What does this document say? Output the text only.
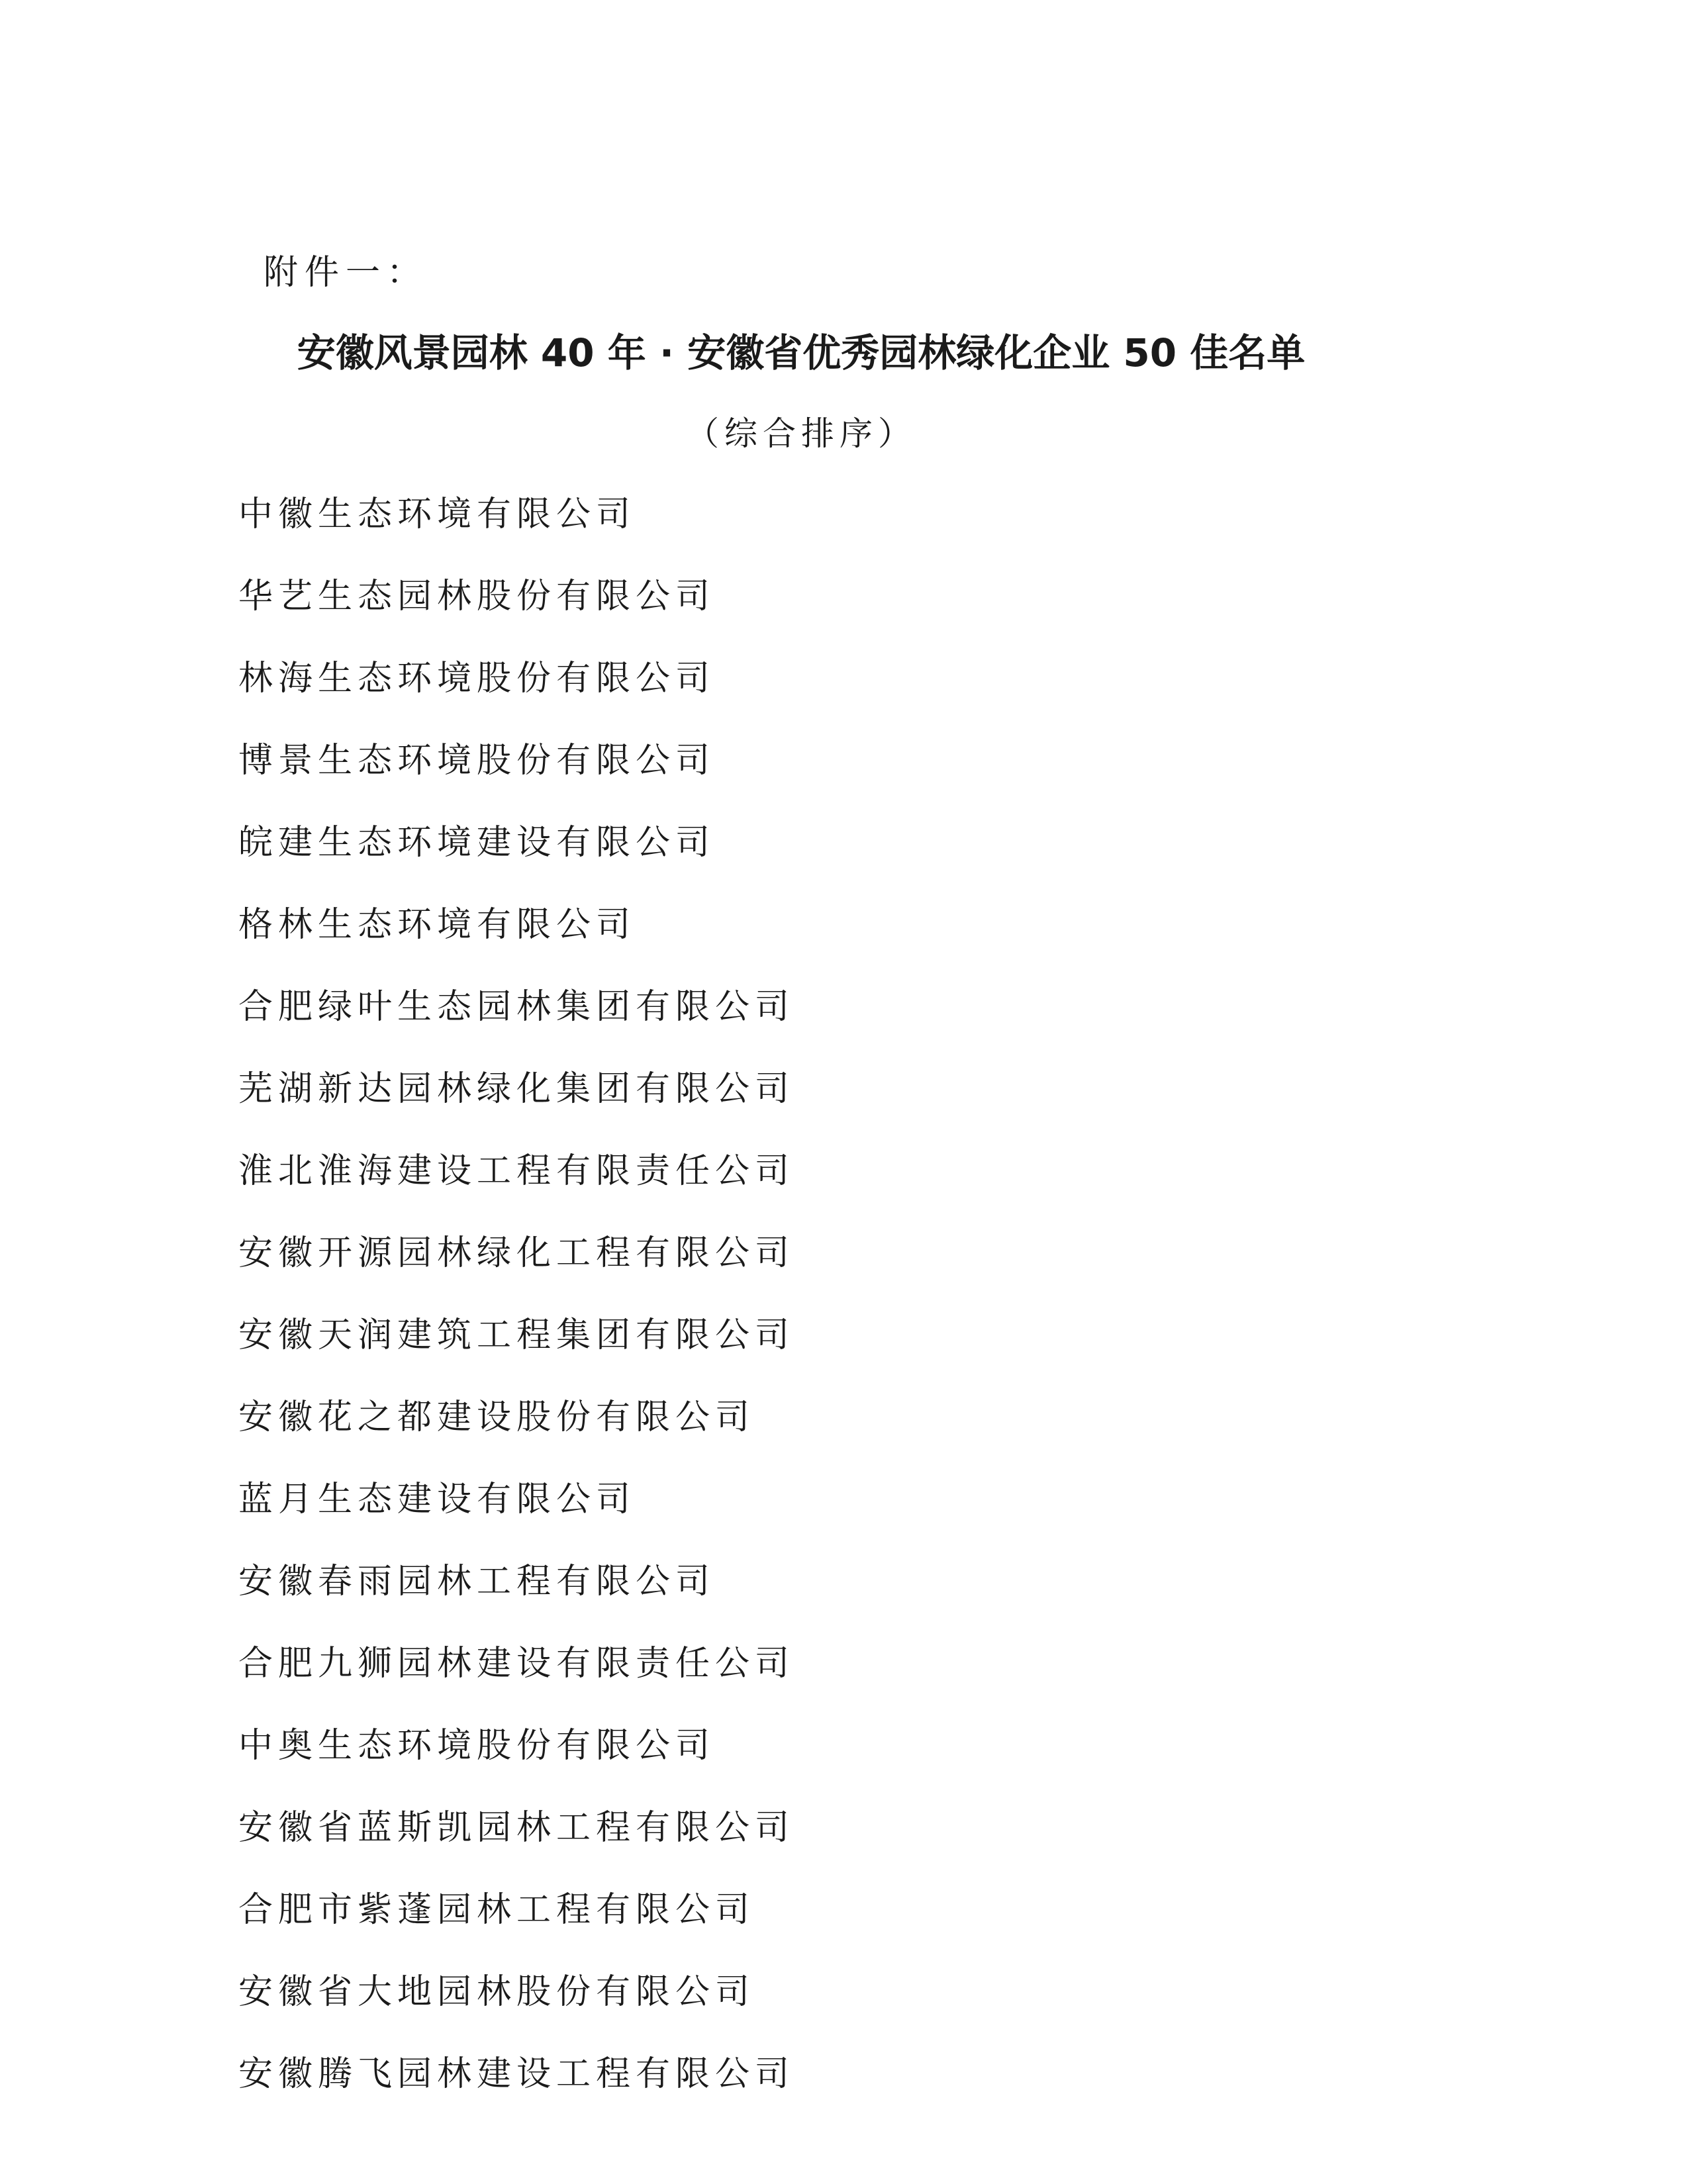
附件一：
安徽风景园林 40 年 · 安徽省优秀园林绿化企业 50 佳名单
（综合排序）
中徽生态环境有限公司
华艺生态园林股份有限公司
林海生态环境股份有限公司
博景生态环境股份有限公司
皖建生态环境建设有限公司
格林生态环境有限公司
合肥绿叶生态园林集团有限公司
芜湖新达园林绿化集团有限公司
淮北淮海建设工程有限责任公司
安徽开源园林绿化工程有限公司
安徽天润建筑工程集团有限公司
安徽花之都建设股份有限公司
蓝月生态建设有限公司
安徽春雨园林工程有限公司
合肥九狮园林建设有限责任公司
中奥生态环境股份有限公司
安徽省蓝斯凯园林工程有限公司
合肥市紫蓬园林工程有限公司
安徽省大地园林股份有限公司
安徽腾飞园林建设工程有限公司
